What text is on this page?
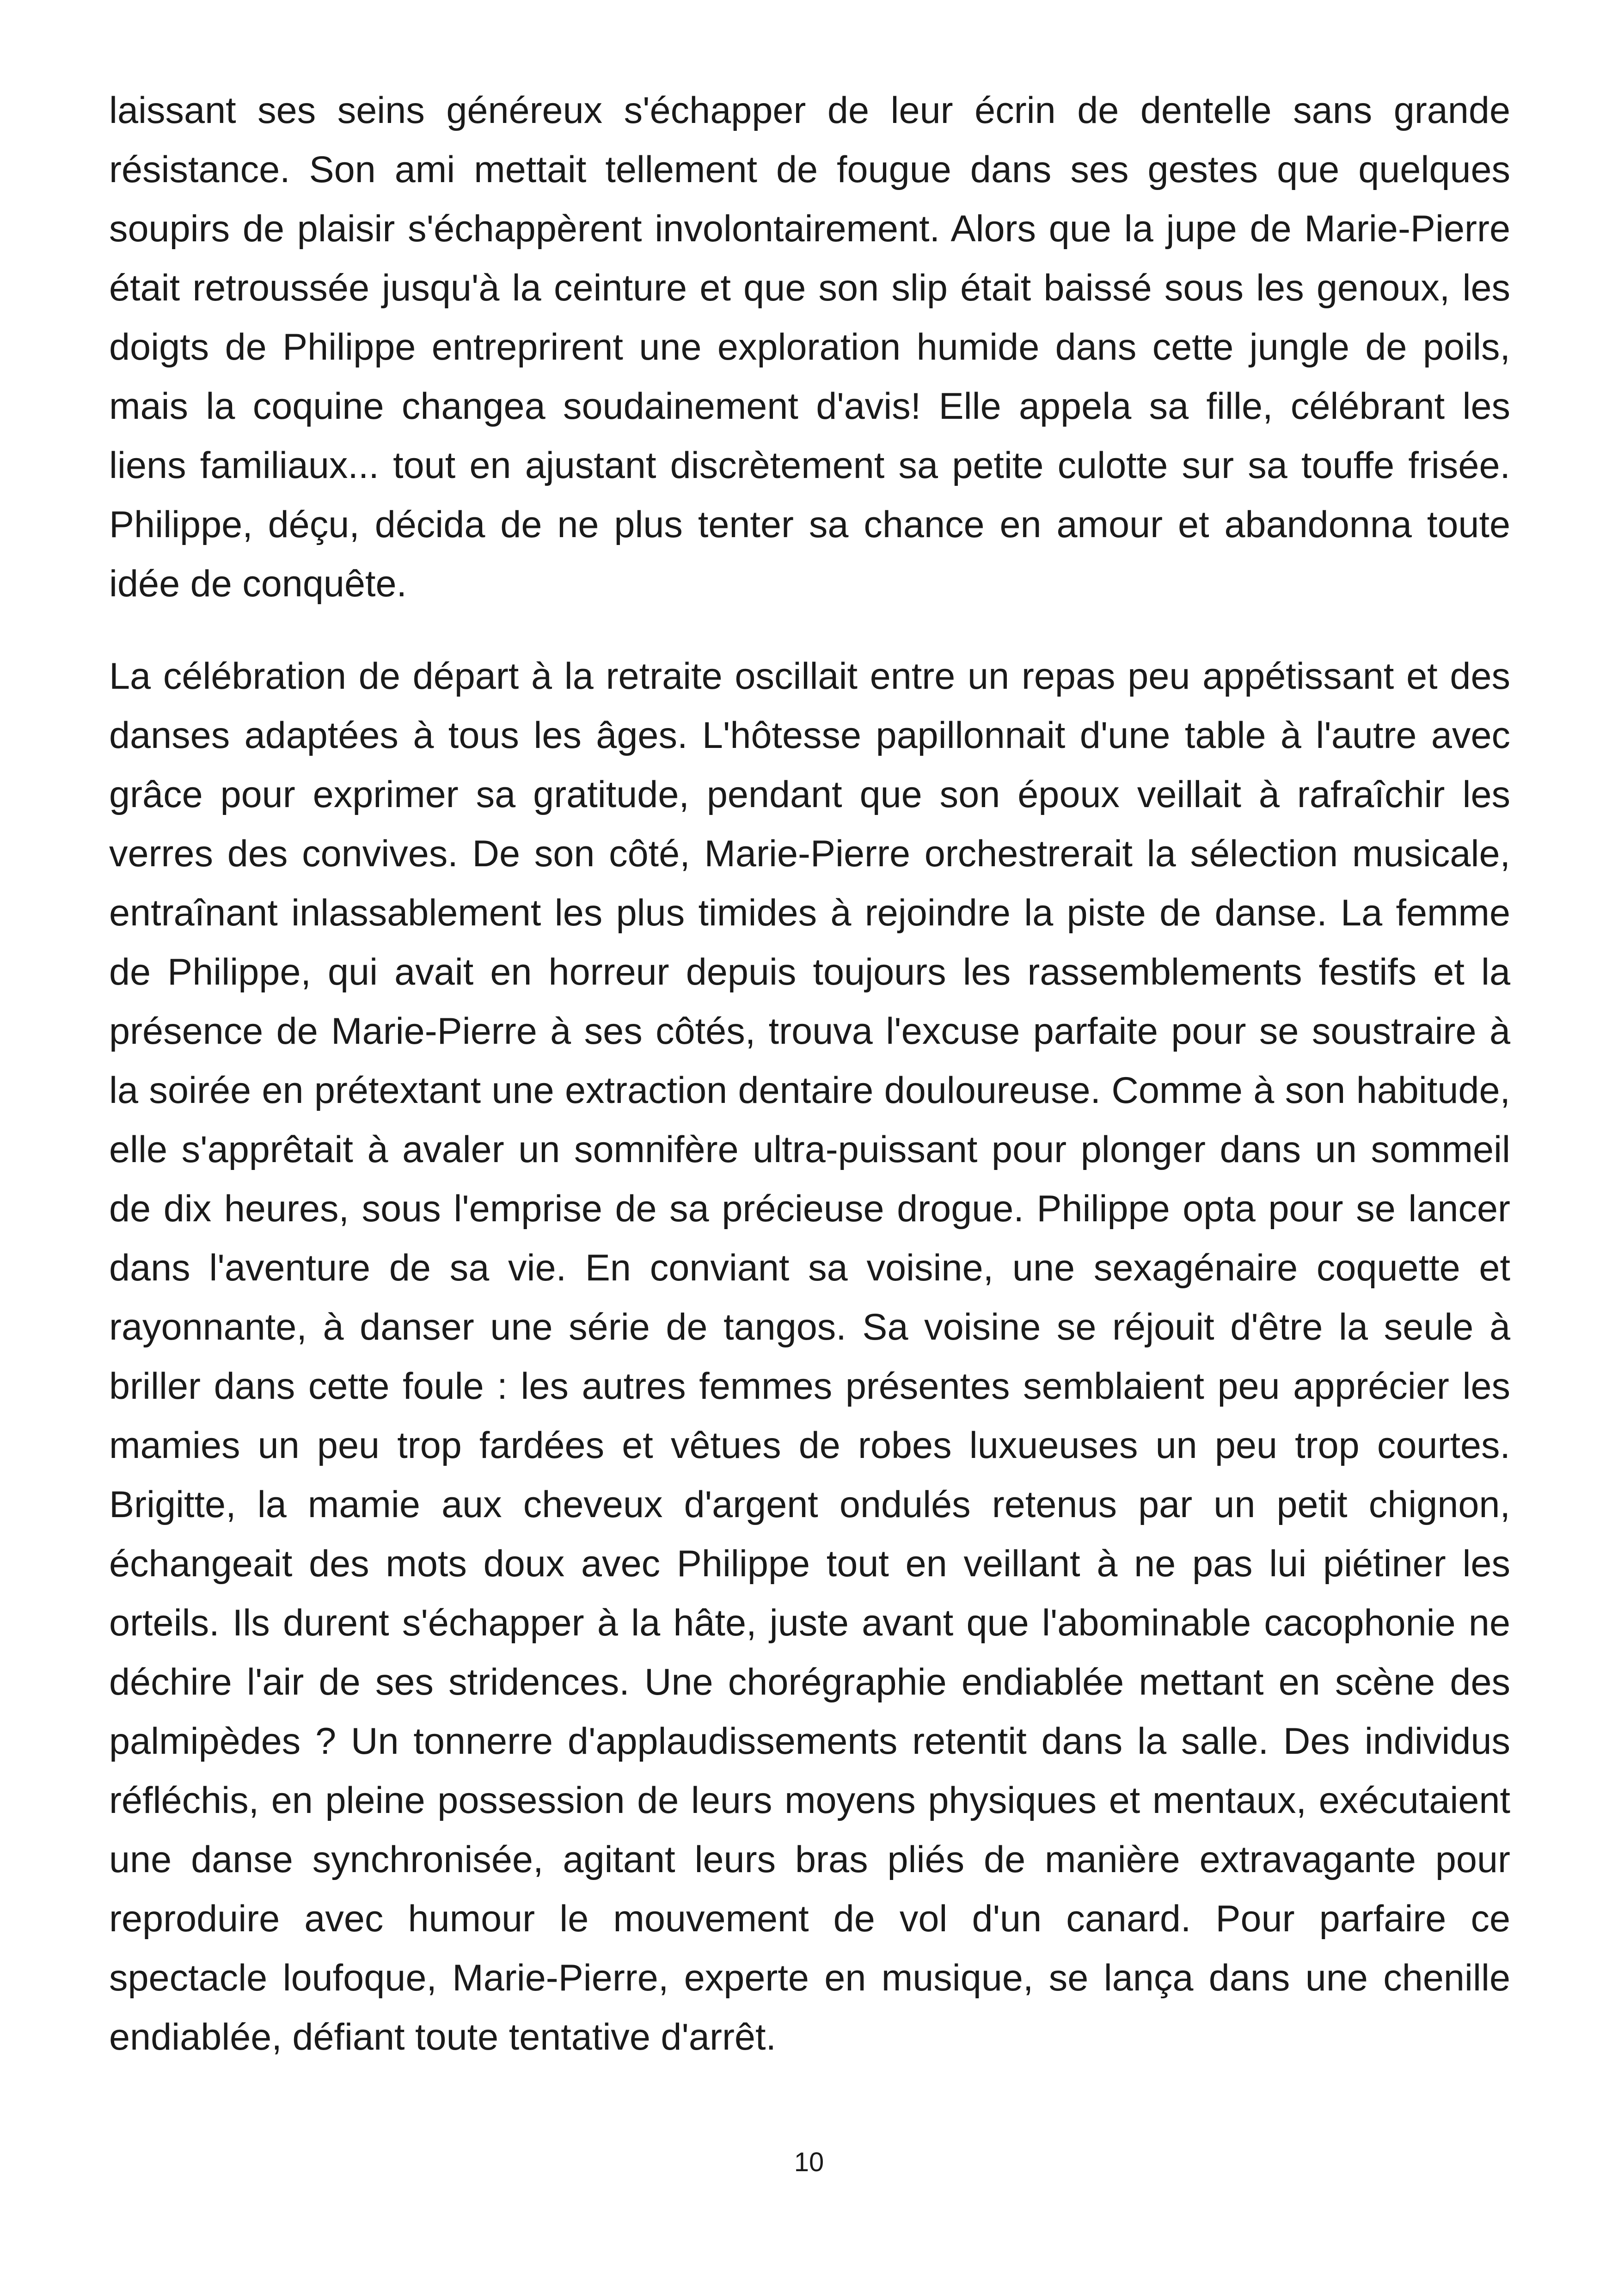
laissant ses seins généreux s'échapper de leur écrin de dentelle sans grande résistance. Son ami mettait tellement de fougue dans ses gestes que quelques soupirs de plaisir s'échappèrent involontairement. Alors que la jupe de Marie-Pierre était retroussée jusqu'à la ceinture et que son slip était baissé sous les genoux, les doigts de Philippe entreprirent une exploration humide dans cette jungle de poils, mais la coquine changea soudainement d'avis! Elle appela sa fille, célébrant les liens familiaux... tout en ajustant discrètement sa petite culotte sur sa touffe frisée. Philippe, déçu, décida de ne plus tenter sa chance en amour et abandonna toute idée de conquête.

La célébration de départ à la retraite oscillait entre un repas peu appétissant et des danses adaptées à tous les âges. L'hôtesse papillonnait d'une table à l'autre avec grâce pour exprimer sa gratitude, pendant que son époux veillait à rafraîchir les verres des convives. De son côté, Marie-Pierre orchestrerait la sélection musicale, entraînant inlassablement les plus timides à rejoindre la piste de danse. La femme de Philippe, qui avait en horreur depuis toujours les rassemblements festifs et la présence de Marie-Pierre à ses côtés, trouva l'excuse parfaite pour se soustraire à la soirée en prétextant une extraction dentaire douloureuse. Comme à son habitude, elle s'apprêtait à avaler un somnifère ultra-puissant pour plonger dans un sommeil de dix heures, sous l'emprise de sa précieuse drogue. Philippe opta pour se lancer dans l'aventure de sa vie. En conviant sa voisine, une sexagénaire coquette et rayonnante, à danser une série de tangos. Sa voisine se réjouit d'être la seule à briller dans cette foule : les autres femmes présentes semblaient peu apprécier les mamies un peu trop fardées et vêtues de robes luxueuses un peu trop courtes. Brigitte, la mamie aux cheveux d'argent ondulés retenus par un petit chignon, échangeait des mots doux avec Philippe tout en veillant à ne pas lui piétiner les orteils. Ils durent s'échapper à la hâte, juste avant que l'abominable cacophonie ne déchire l'air de ses stridences. Une chorégraphie endiablée mettant en scène des palmipèdes ? Un tonnerre d'applaudissements retentit dans la salle. Des individus réfléchis, en pleine possession de leurs moyens physiques et mentaux, exécutaient une danse synchronisée, agitant leurs bras pliés de manière extravagante pour reproduire avec humour le mouvement de vol d'un canard. Pour parfaire ce spectacle loufoque, Marie-Pierre, experte en musique, se lança dans une chenille endiablée, défiant toute tentative d'arrêt.

10
